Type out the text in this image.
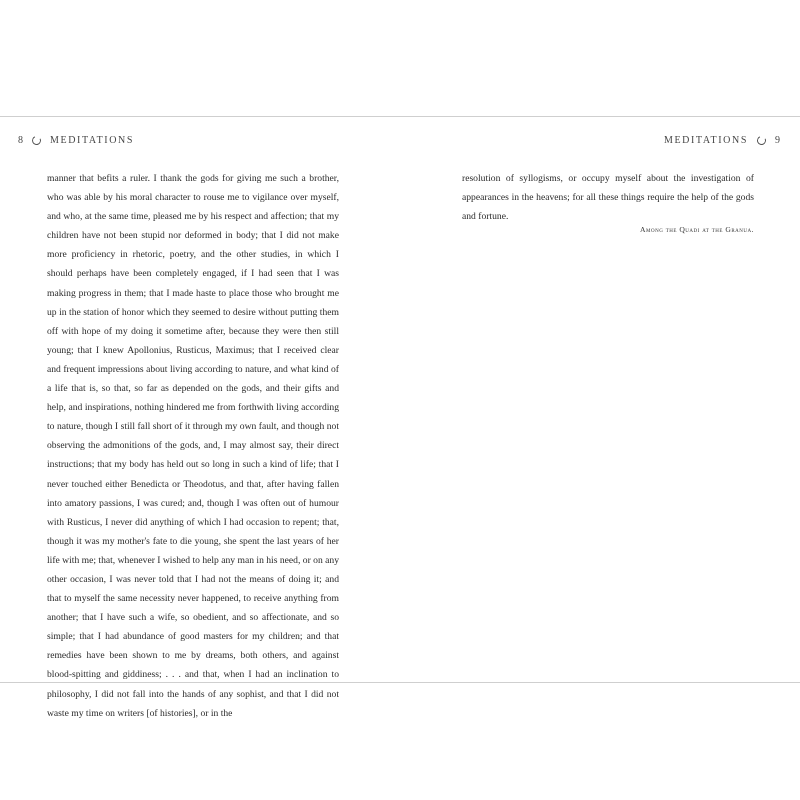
8	MEDITATIONS
manner that befits a ruler. I thank the gods for giving me such a brother, who was able by his moral character to rouse me to vigilance over myself, and who, at the same time, pleased me by his respect and affection; that my children have not been stupid nor deformed in body; that I did not make more proficiency in rhetoric, poetry, and the other studies, in which I should perhaps have been completely engaged, if I had seen that I was making progress in them; that I made haste to place those who brought me up in the station of honor which they seemed to desire without putting them off with hope of my doing it sometime after, because they were then still young; that I knew Apollonius, Rusticus, Maximus; that I received clear and frequent impressions about living according to nature, and what kind of a life that is, so that, so far as depended on the gods, and their gifts and help, and inspirations, nothing hindered me from forthwith living according to nature, though I still fall short of it through my own fault, and though not observing the admonitions of the gods, and, I may almost say, their direct instructions; that my body has held out so long in such a kind of life; that I never touched either Benedicta or Theodotus, and that, after having fallen into amatory passions, I was cured; and, though I was often out of humour with Rusticus, I never did anything of which I had occasion to repent; that, though it was my mother's fate to die young, she spent the last years of her life with me; that, whenever I wished to help any man in his need, or on any other occasion, I was never told that I had not the means of doing it; and that to myself the same necessity never happened, to receive anything from another; that I have such a wife, so obedient, and so affectionate, and so simple; that I had abundance of good masters for my children; and that remedies have been shown to me by dreams, both others, and against blood-spitting and giddiness; . . . and that, when I had an inclination to philosophy, I did not fall into the hands of any sophist, and that I did not waste my time on writers [of histories], or in the
MEDITATIONS	9
resolution of syllogisms, or occupy myself about the investigation of appearances in the heavens; for all these things require the help of the gods and fortune.
Among the Quadi at the Granua.
